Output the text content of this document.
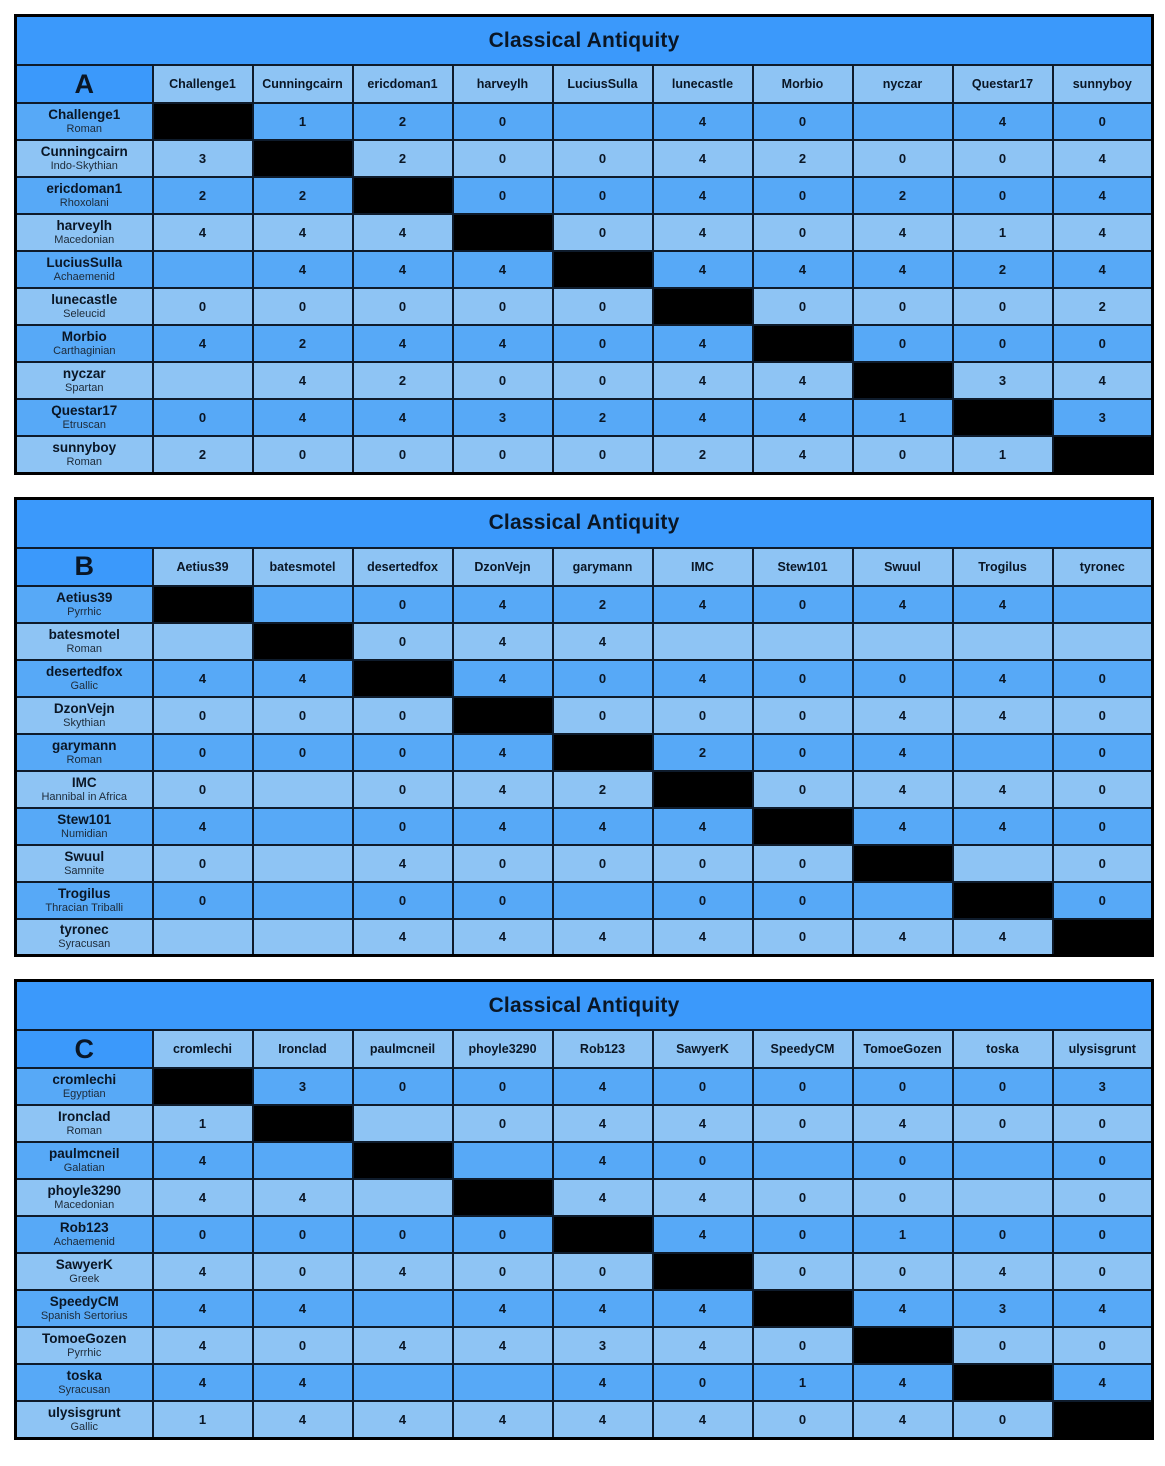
Classical Antiquity										
A	Challenge1	Cunningcairn	ericdoman1	harveylh	LuciusSulla	lunecastle	Morbio	nyczar	Questar17	sunnyboy

Challenge1
Roman		1	2	0		4	0		4	0

Cunningcairn
Indo-Skythian	3		2	0	0	4	2	0	0	4

ericdoman1
Rhoxolani	2	2		0	0	4	0	2	0	4

harveylh
Macedonian	4	4	4		0	4	0	4	1	4

LuciusSulla
Achaemenid		4	4	4		4	4	4	2	4

lunecastle
Seleucid	0	0	0	0	0		0	0	0	2

Morbio
Carthaginian	4	2	4	4	0	4		0	0	0

nyczar
Spartan		4	2	0	0	4	4		3	4

Questar17
Etruscan	0	4	4	3	2	4	4	1		3

sunnyboy
Roman	2	0	0	0	0	2	4	0	1	
Classical Antiquity										
B	Aetius39	batesmotel	desertedfox	DzonVejn	garymann	IMC	Stew101	Swuul	Trogilus	tyronec

Aetius39
Pyrrhic			0	4	2	4	0	4	4	

batesmotel
Roman			0	4	4					

desertedfox
Gallic	4	4		4	0	4	0	0	4	0

DzonVejn
Skythian	0	0	0		0	0	0	4	4	0

garymann
Roman	0	0	0	4		2	0	4		0

IMC
Hannibal in Africa	0		0	4	2		0	4	4	0

Stew101
Numidian	4		0	4	4	4		4	4	0

Swuul
Samnite	0		4	0	0	0	0			0

Trogilus
Thracian Triballi	0		0	0		0	0			0

tyronec
Syracusan			4	4	4	4	0	4	4	
Classical Antiquity										
C	cromlechi	Ironclad	paulmcneil	phoyle3290	Rob123	SawyerK	SpeedyCM	TomoeGozen	toska	ulysisgrunt

cromlechi
Egyptian		3	0	0	4	0	0	0	0	3

Ironclad
Roman	1			0	4	4	0	4	0	0

paulmcneil
Galatian	4				4	0		0		0

phoyle3290
Macedonian	4	4			4	4	0	0		0

Rob123
Achaemenid	0	0	0	0		4	0	1	0	0

SawyerK
Greek	4	0	4	0	0		0	0	4	0

SpeedyCM
Spanish Sertorius	4	4		4	4	4		4	3	4

TomoeGozen
Pyrrhic	4	0	4	4	3	4	0		0	0

toska
Syracusan	4	4			4	0	1	4		4

ulysisgrunt
Gallic	1	4	4	4	4	4	0	4	0	
